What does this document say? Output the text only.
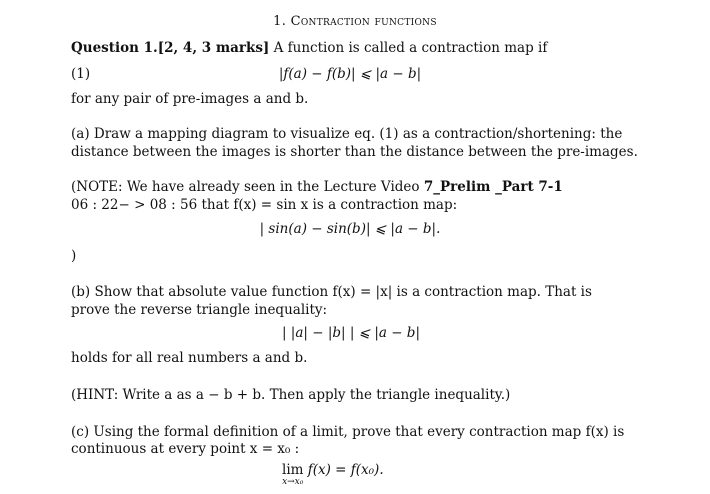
1. Contraction functions
Question 1.[2, 4, 3 marks] A function is called a contraction map if
(1)	|f(a) − f(b)| ⩽ |a − b|
for any pair of pre-images a and b.
(a) Draw a mapping diagram to visualize eq. (1) as a contraction/shortening: the
distance between the images is shorter than the distance between the pre-images.
(NOTE: We have already seen in the Lecture Video 7_Prelim _Part 7-1
06 : 22− > 08 : 56 that f(x) = sin x is a contraction map:
| sin(a) − sin(b)| ⩽ |a − b|.
)
(b) Show that absolute value function f(x) = |x| is a contraction map. That is
prove the reverse triangle inequality:
| |a| − |b| | ⩽ |a − b|
holds for all real numbers a and b.
(HINT: Write a as a − b + b. Then apply the triangle inequality.)
(c) Using the formal definition of a limit, prove that every contraction map f(x) is
continuous at every point x = x₀ :
lim
x→x₀
f(x) = f(x₀).
